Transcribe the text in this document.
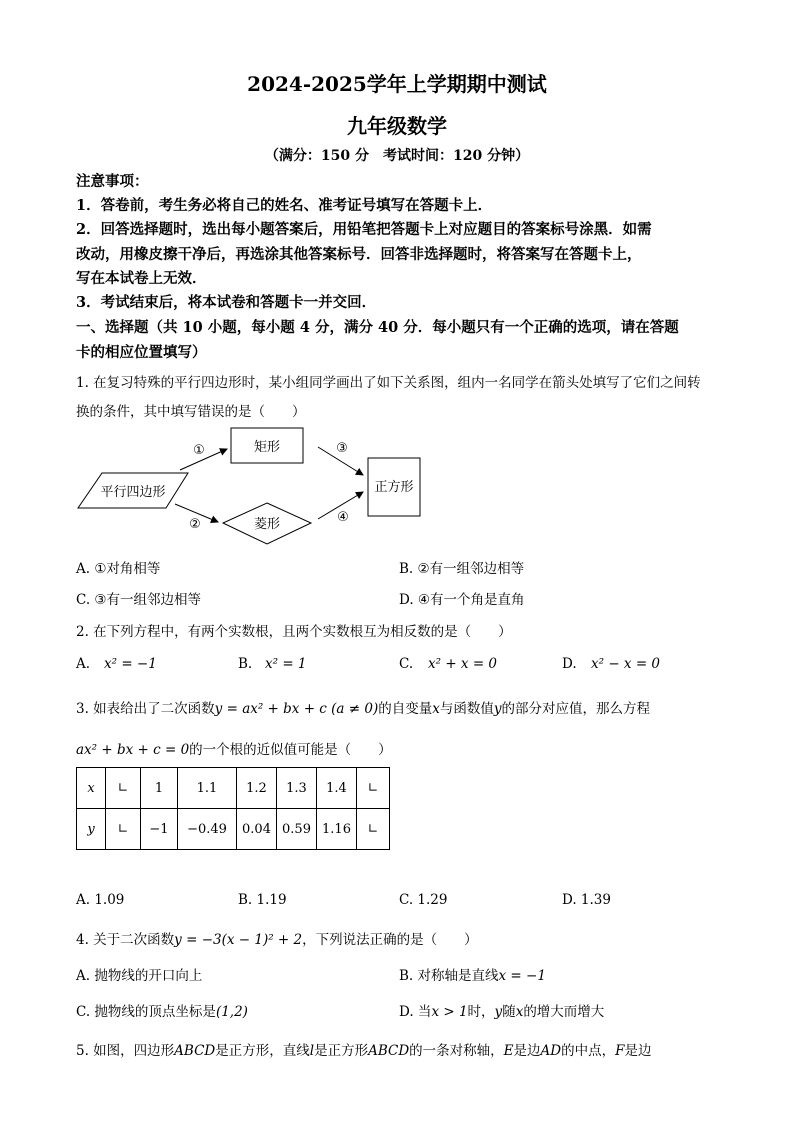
2024-2025学年上学期期中测试
九年级数学
（满分：150 分　考试时间：120 分钟）
注意事项：
1．答卷前，考生务必将自己的姓名、准考证号填写在答题卡上．
2．回答选择题时，选出每小题答案后，用铅笔把答题卡上对应题目的答案标号涂黑．如需
改动，用橡皮擦干净后，再选涂其他答案标号．回答非选择题时，将答案写在答题卡上，
写在本试卷上无效．
3．考试结束后，将本试卷和答题卡一并交回．
一、选择题（共 10 小题，每小题 4 分，满分 40 分．每小题只有一个正确的选项，请在答题
卡的相应位置填写）
1. 在复习特殊的平行四边形时，某小组同学画出了如下关系图，组内一名同学在箭头处填写了它们之间转
换的条件，其中填写错误的是（　　）
平行四边形
矩形
菱形
正方形
①
②
③
④
A. ①对角相等	B. ②有一组邻边相等
C. ③有一组邻边相等	D. ④有一个角是直角
2. 在下列方程中，有两个实数根，且两个实数根互为相反数的是（　　）
A. x² = −1	B. x² = 1	C. x² + x = 0	D. x² − x = 0
3. 如表给出了二次函数y = ax² + bx + c (a ≠ 0)的自变量x与函数值y的部分对应值，那么方程
ax² + bx + c = 0的一个根的近似值可能是（　　）
x	∟	1	1.1	1.2	1.3	1.4	∟
y	∟	−1	−0.49	0.04	0.59	1.16	∟
A. 1.09	B. 1.19	C. 1.29	D. 1.39
4. 关于二次函数y = −3(x − 1)² + 2，下列说法正确的是（　　）
A. 抛物线的开口向上	B. 对称轴是直线x = −1
C. 抛物线的顶点坐标是(1,2)	D. 当x > 1时，y随x的增大而增大
5. 如图，四边形ABCD是正方形，直线l是正方形ABCD的一条对称轴，E是边AD的中点，F是边
